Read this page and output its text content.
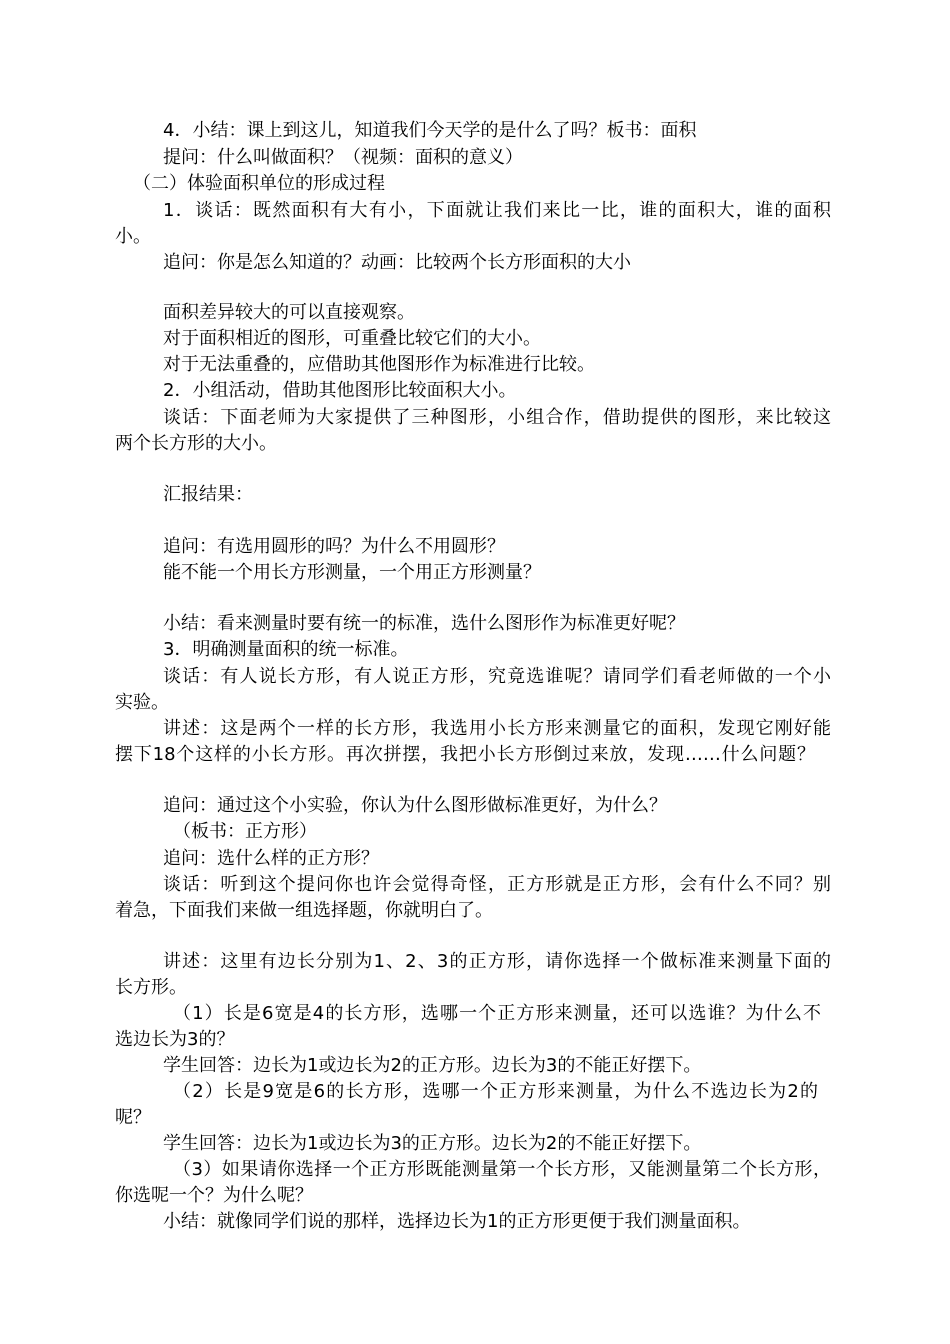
4．小结：课上到这儿，知道我们今天学的是什么了吗？板书：面积
提问：什么叫做面积？（视频：面积的意义）
（二）体验面积单位的形成过程
1．谈话：既然面积有大有小，下面就让我们来比一比，谁的面积大，谁的面积
小。
追问：你是怎么知道的？动画：比较两个长方形面积的大小
面积差异较大的可以直接观察。
对于面积相近的图形，可重叠比较它们的大小。
对于无法重叠的，应借助其他图形作为标准进行比较。
2．小组活动，借助其他图形比较面积大小。
谈话：下面老师为大家提供了三种图形，小组合作，借助提供的图形，来比较这
两个长方形的大小。
汇报结果：
追问：有选用圆形的吗？为什么不用圆形？
能不能一个用长方形测量，一个用正方形测量？
小结：看来测量时要有统一的标准，选什么图形作为标准更好呢？
3．明确测量面积的统一标准。
谈话：有人说长方形，有人说正方形，究竟选谁呢？请同学们看老师做的一个小
实验。
讲述：这是两个一样的长方形，我选用小长方形来测量它的面积，发现它刚好能
摆下18个这样的小长方形。再次拼摆，我把小长方形倒过来放，发现……什么问题？
追问：通过这个小实验，你认为什么图形做标准更好，为什么？
（板书：正方形）
追问：选什么样的正方形？
谈话：听到这个提问你也许会觉得奇怪，正方形就是正方形，会有什么不同？别
着急，下面我们来做一组选择题，你就明白了。
讲述：这里有边长分别为1、2、3的正方形，请你选择一个做标准来测量下面的
长方形。
（1）长是6宽是4的长方形，选哪一个正方形来测量，还可以选谁？为什么不
选边长为3的？
学生回答：边长为1或边长为2的正方形。边长为3的不能正好摆下。
（2）长是9宽是6的长方形，选哪一个正方形来测量，为什么不选边长为2的
呢？
学生回答：边长为1或边长为3的正方形。边长为2的不能正好摆下。
（3）如果请你选择一个正方形既能测量第一个长方形，又能测量第二个长方形，
你选呢一个？为什么呢？
小结：就像同学们说的那样，选择边长为1的正方形更便于我们测量面积。
